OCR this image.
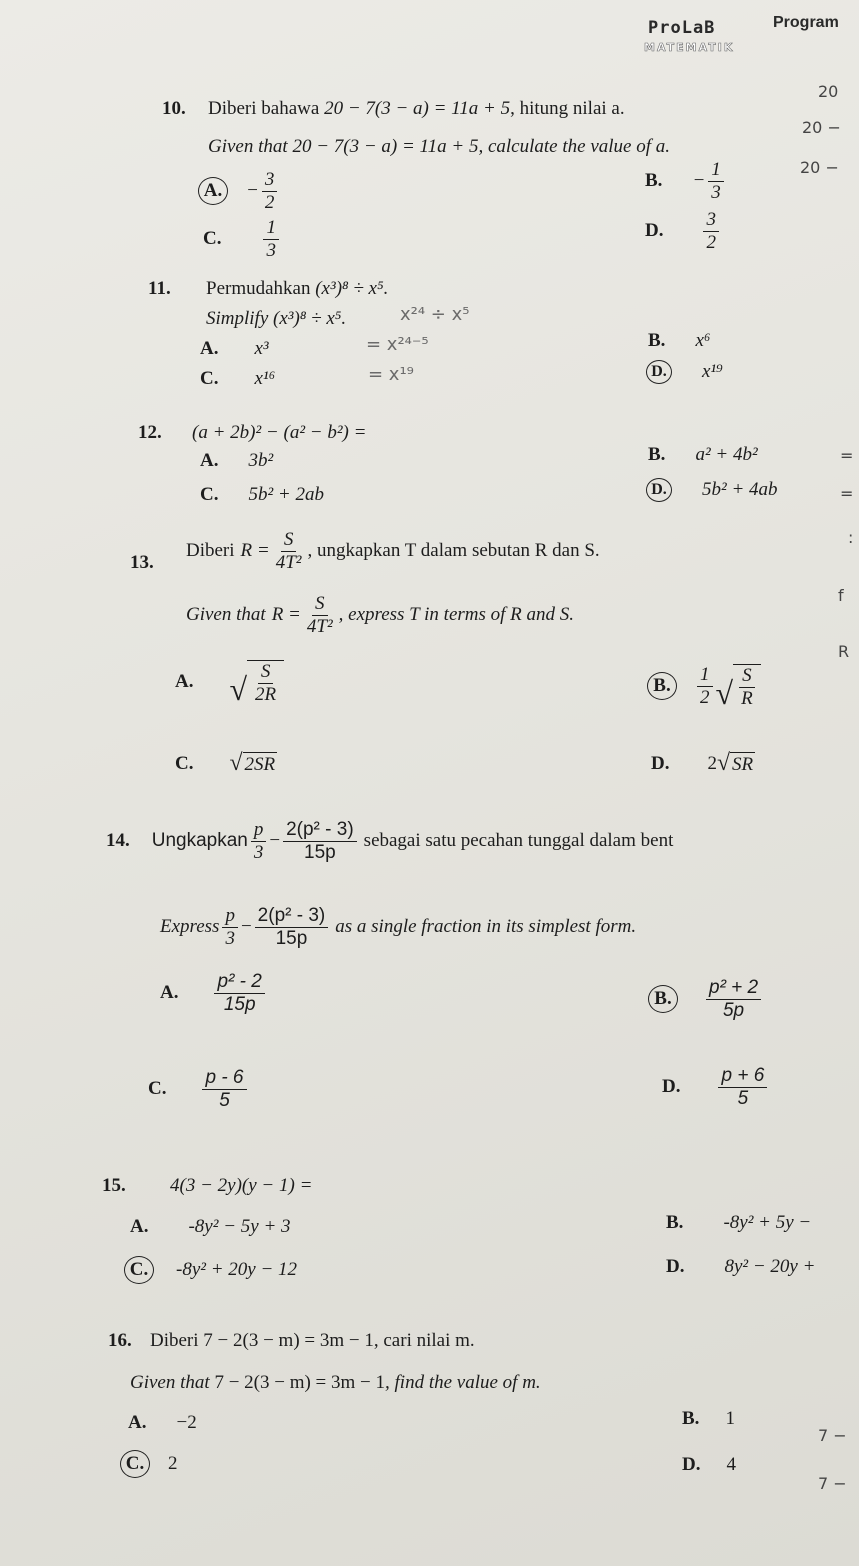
ProLaB
MATEMATIK
Program
10. Diberi bahawa 20 − 7(3 − a) = 11a + 5, hitung nilai a.
Given that 20 − 7(3 − a) = 11a + 5, calculate the value of a.
A.	− $\frac{3}{2}$	B. − $\frac{1}{3}$
C. $\frac{1}{3}$	D. $\frac{3}{2}$
20
20 −
20 −
11. Permudahkan (x³)⁸ ÷ x⁵.
Simplify (x³)⁸ ÷ x⁵.
A. x³	B. x⁶
C. x¹⁶	D. x¹⁹
x²⁴ ÷ x⁵
= x²⁴⁻⁵
= x¹⁹
12. (a + 2b)² − (a² − b²) =
A. 3b²	B. a² + 4b²
C. 5b² + 2ab	D. 5b² + 4ab
=
=
13.
Diberi $R = \frac{S}{\text{4T²}}$ , ungkapkan T dalam sebutan R dan S.
Given that $R = \frac{S}{\text{4T²}}$ , express T in terms of R and S.
A. √ $\frac{S}{2R}$	B.	$\frac{1}{2}$ √ $\frac{S}{R}$
C. √ 2SR	D. 2 √ SR
:
f
R
14. Ungkapkan $\frac{p}{3} - \frac{\text{2(p² - 3)}}{15p}$ sebagai satu pecahan tunggal dalam bent
Express $\frac{p}{3} - \frac{\text{2(p² - 3)}}{15p}$ as a single fraction in its simplest form.
A. $\frac{\text{p² - 2}}{15p}$	B.	$\frac{\text{p² + 2}}{5p}$
C. $\frac{p - 6}{5}$	D. $\frac{p + 6}{5}$
15. 4(3 − 2y)(y − 1) =
A. -8y² − 5y + 3	B. -8y² + 5y −
C.	-8y² + 20y − 12	D. 8y² − 20y +
16. Diberi 7 − 2(3 − m) = 3m − 1, cari nilai m.
Given that 7 − 2(3 − m) = 3m − 1, find the value of m.
A. −2	B. 1
C.	2	D. 4
7 −
7 −
